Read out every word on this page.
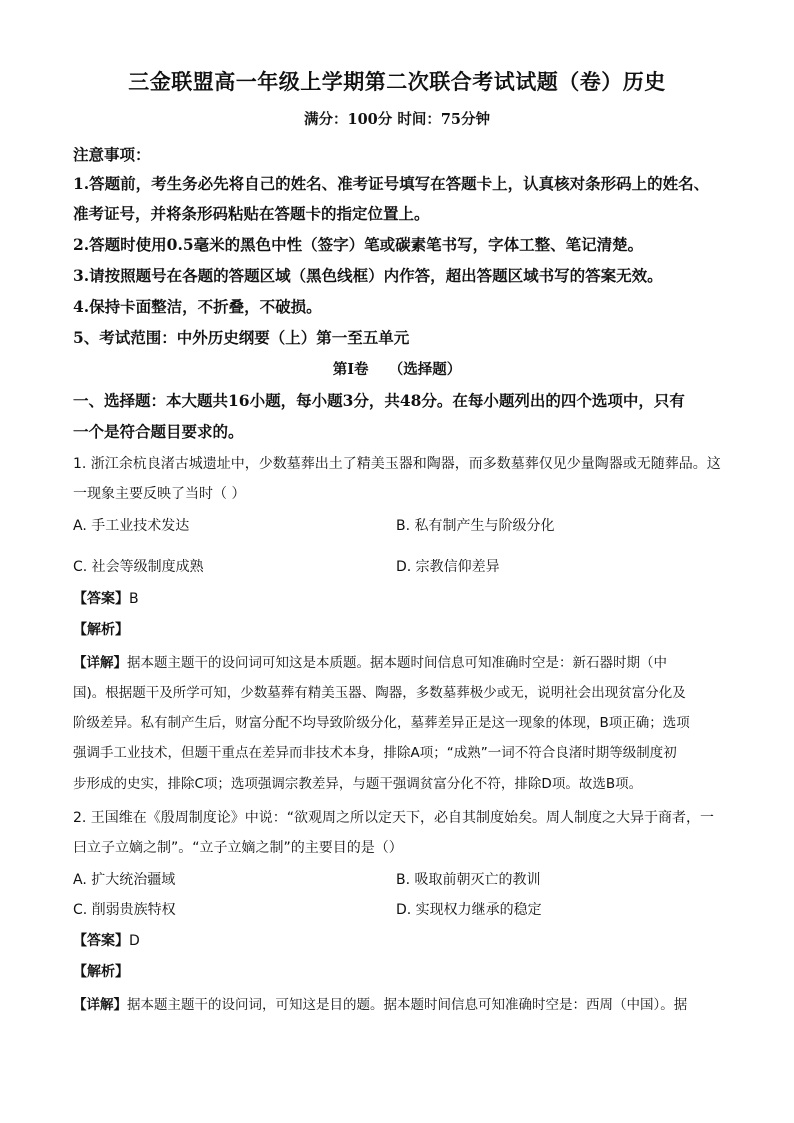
三金联盟高一年级上学期第二次联合考试试题（卷）历史
满分：100分 时间：75分钟
注意事项：
1.答题前，考生务必先将自己的姓名、准考证号填写在答题卡上，认真核对条形码上的姓名、
准考证号，并将条形码粘贴在答题卡的指定位置上。
2.答题时使用0.5毫米的黑色中性（签字）笔或碳素笔书写，字体工整、笔记清楚。
3.请按照题号在各题的答题区域（黑色线框）内作答，超出答题区域书写的答案无效。
4.保持卡面整洁，不折叠，不破损。
5、考试范围：中外历史纲要（上）第一至五单元
第Ⅰ卷    （选择题）
一、选择题：本大题共16小题，每小题3分，共48分。在每小题列出的四个选项中，只有
一个是符合题目要求的。
1. 浙江余杭良渚古城遗址中，少数墓葬出土了精美玉器和陶器，而多数墓葬仅见少量陶器或无随葬品。这
一现象主要反映了当时（ ）
A. 手工业技术发达	B. 私有制产生与阶级分化
C. 社会等级制度成熟	D. 宗教信仰差异
【答案】B
【解析】
【详解】据本题主题干的设问词可知这是本质题。据本题时间信息可知准确时空是：新石器时期（中
国)。根据题干及所学可知，少数墓葬有精美玉器、陶器，多数墓葬极少或无，说明社会出现贫富分化及
阶级差异。私有制产生后，财富分配不均导致阶级分化，墓葬差异正是这一现象的体现，B项正确；选项
强调手工业技术，但题干重点在差异而非技术本身，排除A项；“成熟”一词不符合良渚时期等级制度初
步形成的史实，排除C项；选项强调宗教差异，与题干强调贫富分化不符，排除D项。故选B项。
2. 王国维在《殷周制度论》中说：“欲观周之所以定天下，必自其制度始矣。周人制度之大异于商者，一
曰立子立嫡之制”。“立子立嫡之制”的主要目的是（）
A. 扩大统治疆域	B. 吸取前朝灭亡的教训
C. 削弱贵族特权	D. 实现权力继承的稳定
【答案】D
【解析】
【详解】据本题主题干的设问词，可知这是目的题。据本题时间信息可知准确时空是：西周（中国）。据
